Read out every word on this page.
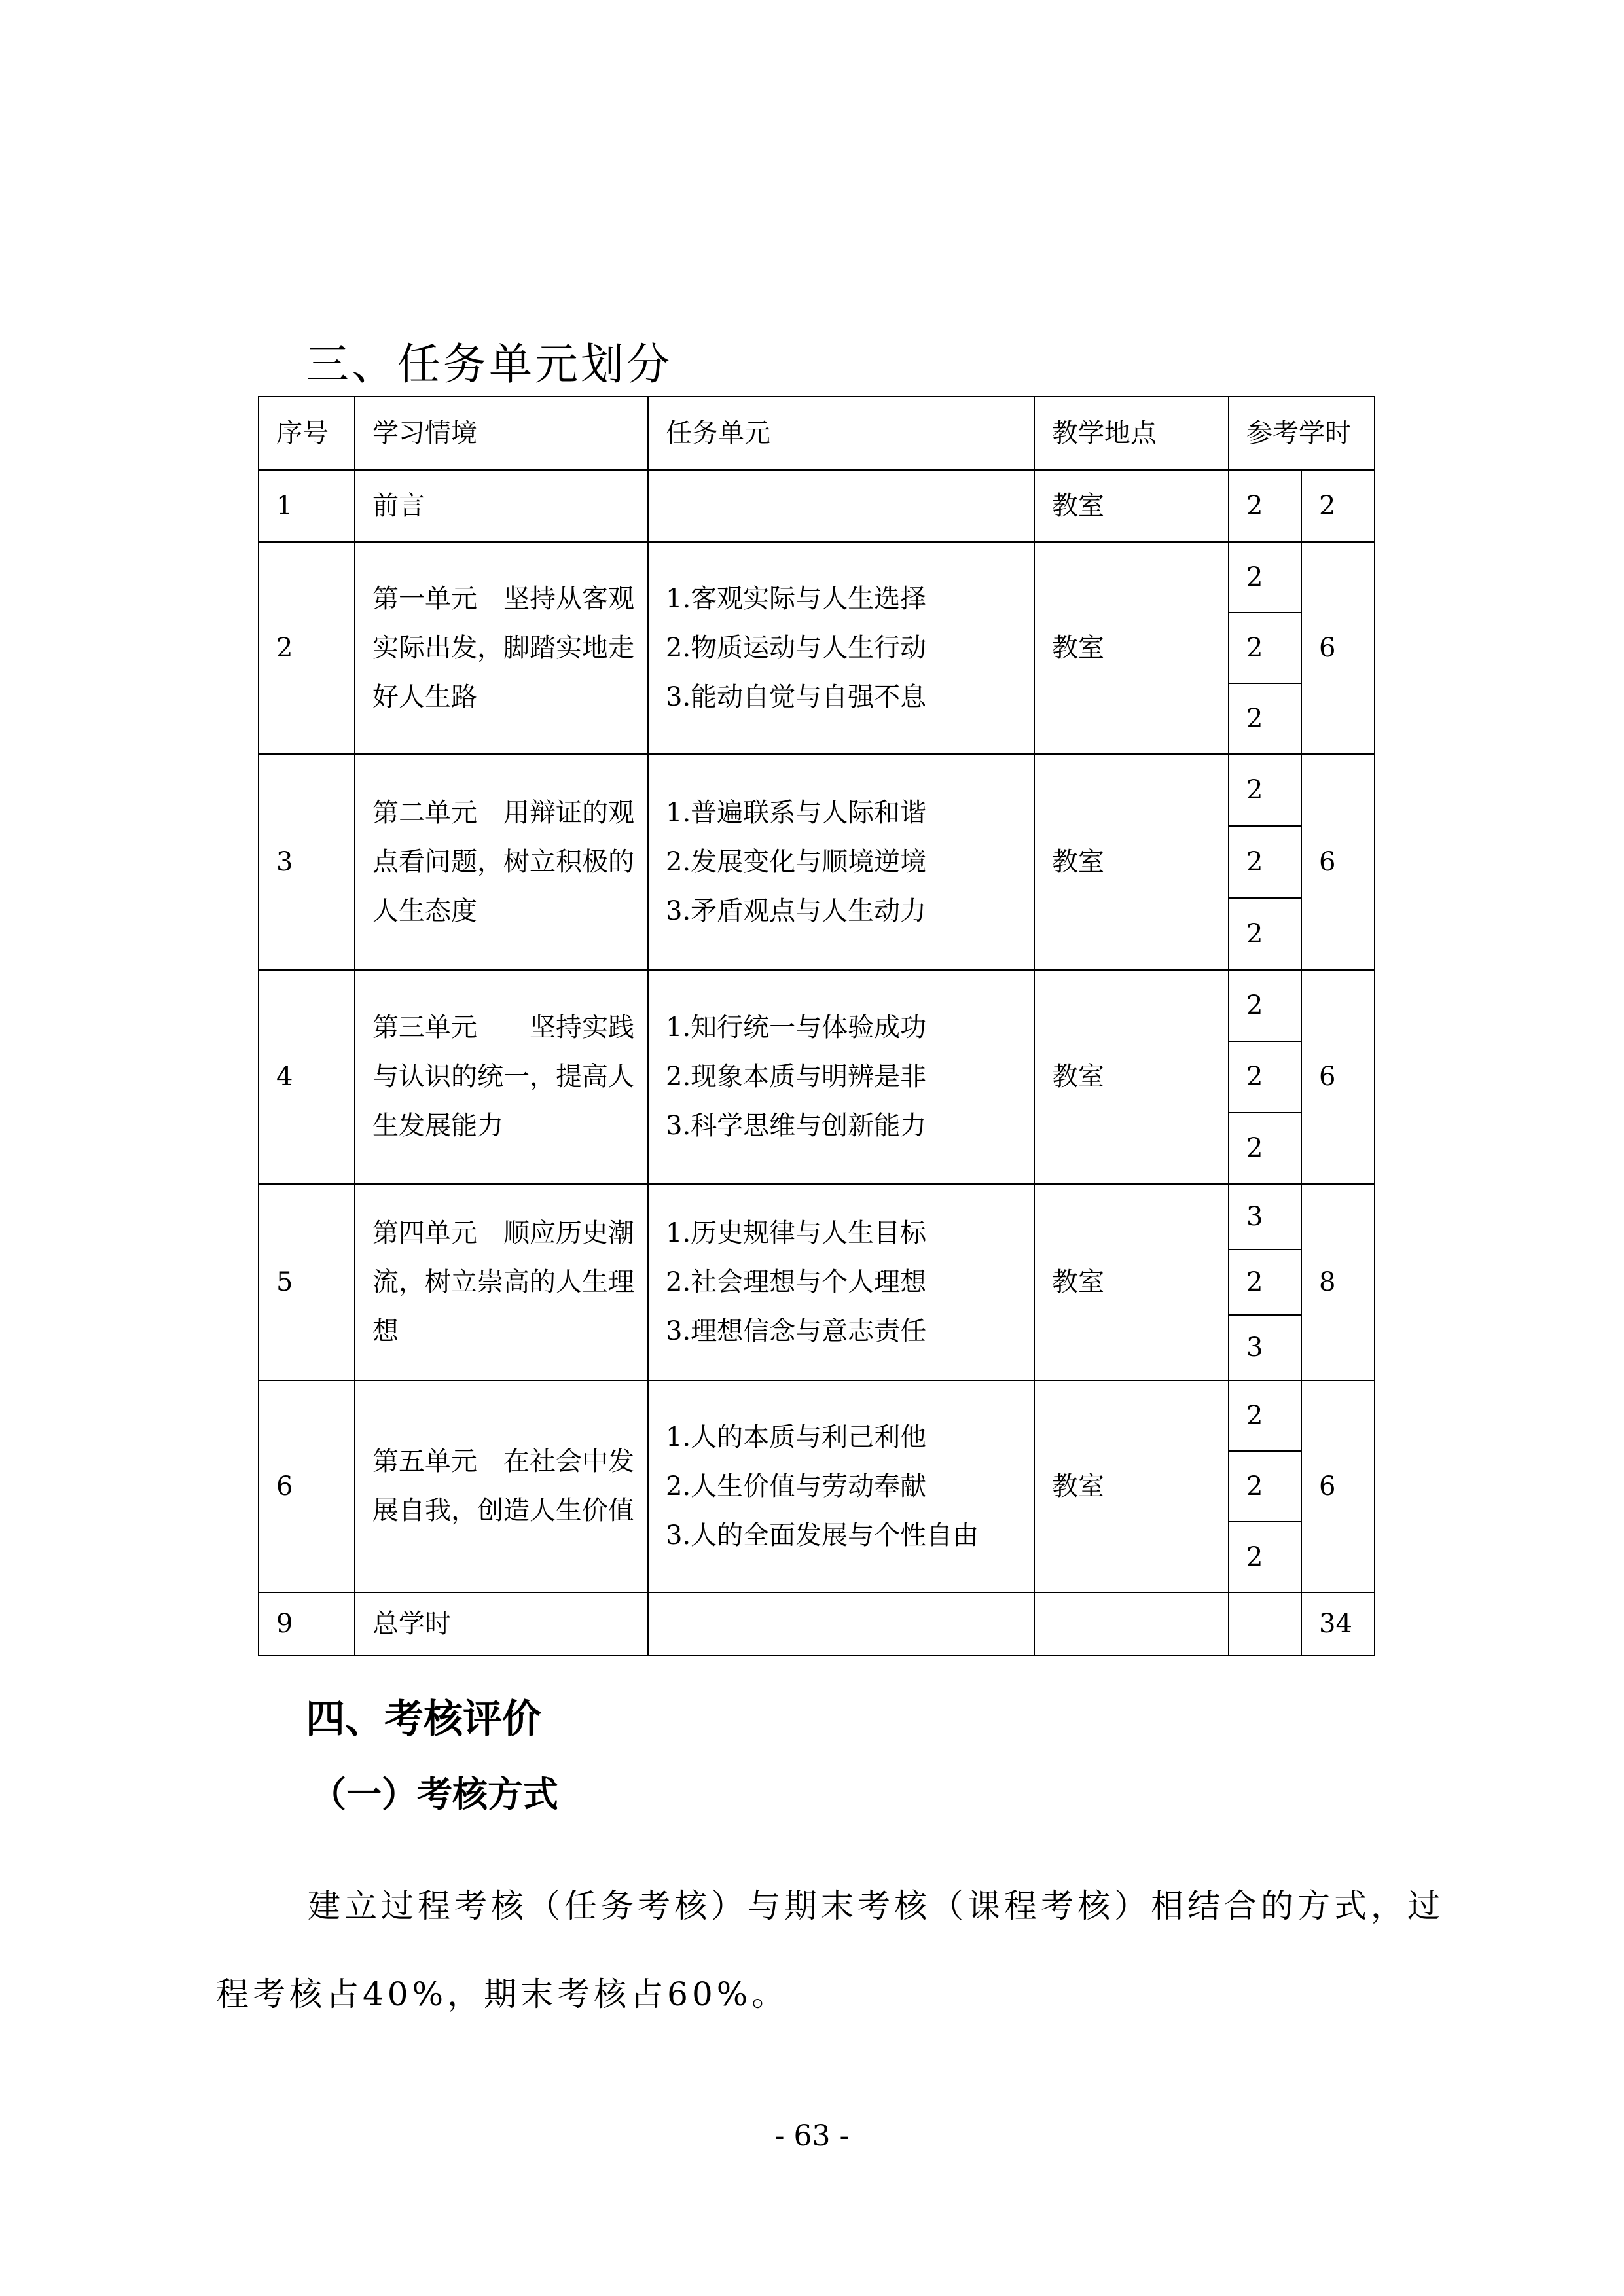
三、任务单元划分
序号	学习情境	任务单元	教学地点	参考学时	
1	前言		教室	2	2
2	第一单元　坚持从客观实际出发，脚踏实地走好人生路	1.客观实际与人生选择
2.物质运动与人生行动
3.能动自觉与自强不息	教室	2	6
				2	
				2	
3	第二单元　用辩证的观点看问题，树立积极的人生态度	1.普遍联系与人际和谐
2.发展变化与顺境逆境
3.矛盾观点与人生动力	教室	2	6
				2	
				2	
4	第三单元　　坚持实践与认识的统一，提高人生发展能力	1.知行统一与体验成功
2.现象本质与明辨是非
3.科学思维与创新能力	教室	2	6
				2	
				2	
5	第四单元　顺应历史潮流，树立崇高的人生理想	1.历史规律与人生目标
2.社会理想与个人理想
3.理想信念与意志责任	教室	3	8
				2	
				3	
6	第五单元　在社会中发展自我，创造人生价值	1.人的本质与利己利他
2.人生价值与劳动奉献
3.人的全面发展与个性自由	教室	2	6
				2	
				2	
9	总学时				34
四、考核评价
（一）考核方式

建立过程考核（任务考核）与期末考核（课程考核）相结合的方式，过程考核占40%，期末考核占60%。

- 63 -
